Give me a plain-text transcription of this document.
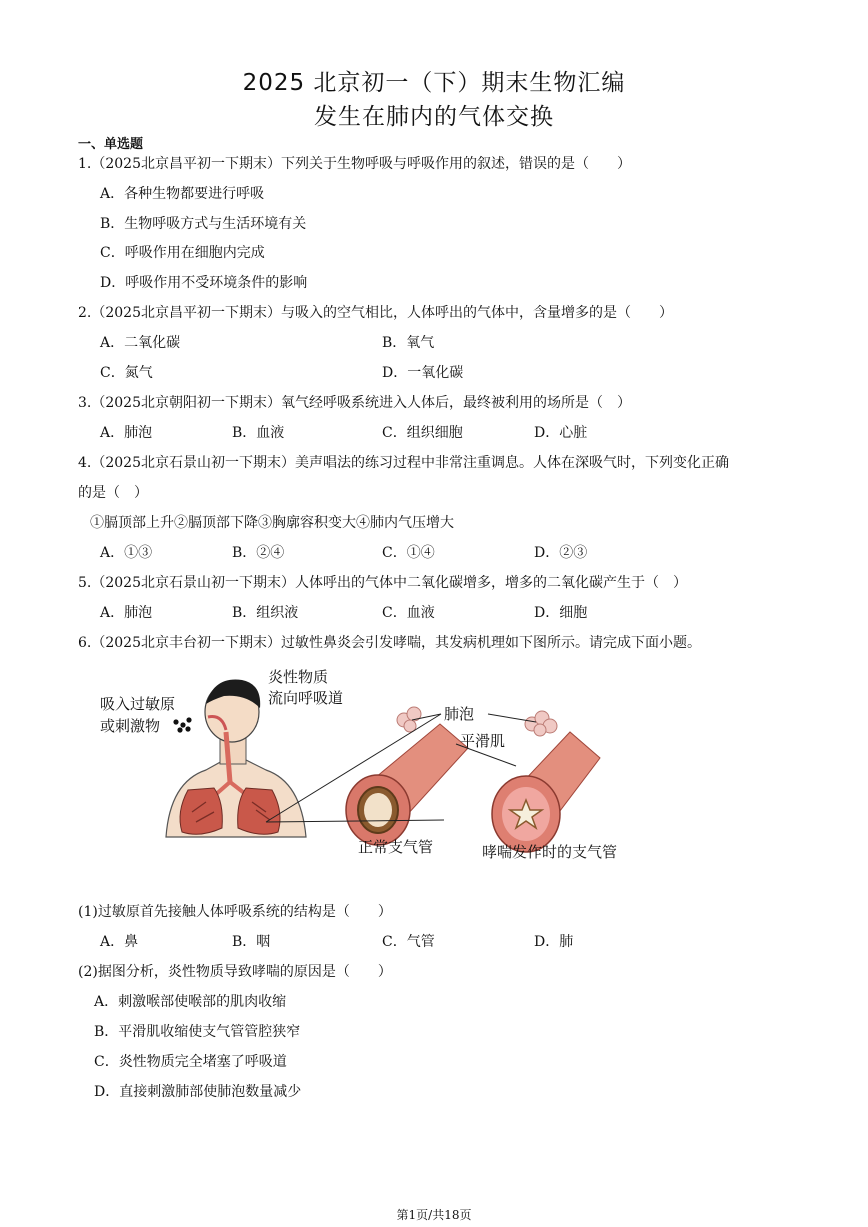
2025 北京初一（下）期末生物汇编
发生在肺内的气体交换
一、单选题
1.（2025北京昌平初一下期末）下列关于生物呼吸与呼吸作用的叙述，错误的是（　　）
A．各种生物都要进行呼吸
B．生物呼吸方式与生活环境有关
C．呼吸作用在细胞内完成
D．呼吸作用不受环境条件的影响
2.（2025北京昌平初一下期末）与吸入的空气相比，人体呼出的气体中，含量增多的是（　　）
A．二氧化碳	B．氧气
C．氮气	D．一氧化碳
3.（2025北京朝阳初一下期末）氧气经呼吸系统进入人体后，最终被利用的场所是（　）
A．肺泡	B．血液	C．组织细胞	D．心脏
4.（2025北京石景山初一下期末）美声唱法的练习过程中非常注重调息。人体在深吸气时，下列变化正确
的是（　）
①膈顶部上升②膈顶部下降③胸廓容积变大④肺内气压增大
A．①③	B．②④	C．①④	D．②③
5.（2025北京石景山初一下期末）人体呼出的气体中二氧化碳增多，增多的二氧化碳产生于（　）
A．肺泡	B．组织液	C．血液	D．细胞
6.（2025北京丰台初一下期末）过敏性鼻炎会引发哮喘，其发病机理如下图所示。请完成下面小题。
吸入过敏原
或刺激物
炎性物质
流向呼吸道
肺泡
平滑肌
正常支气管	哮喘发作时的支气管
(1)过敏原首先接触人体呼吸系统的结构是（　　）
A．鼻	B．咽	C．气管	D．肺
(2)据图分析，炎性物质导致哮喘的原因是（　　）
A．刺激喉部使喉部的肌肉收缩
B．平滑肌收缩使支气管管腔狭窄
C．炎性物质完全堵塞了呼吸道
D．直接刺激肺部使肺泡数量减少
第1页/共18页
